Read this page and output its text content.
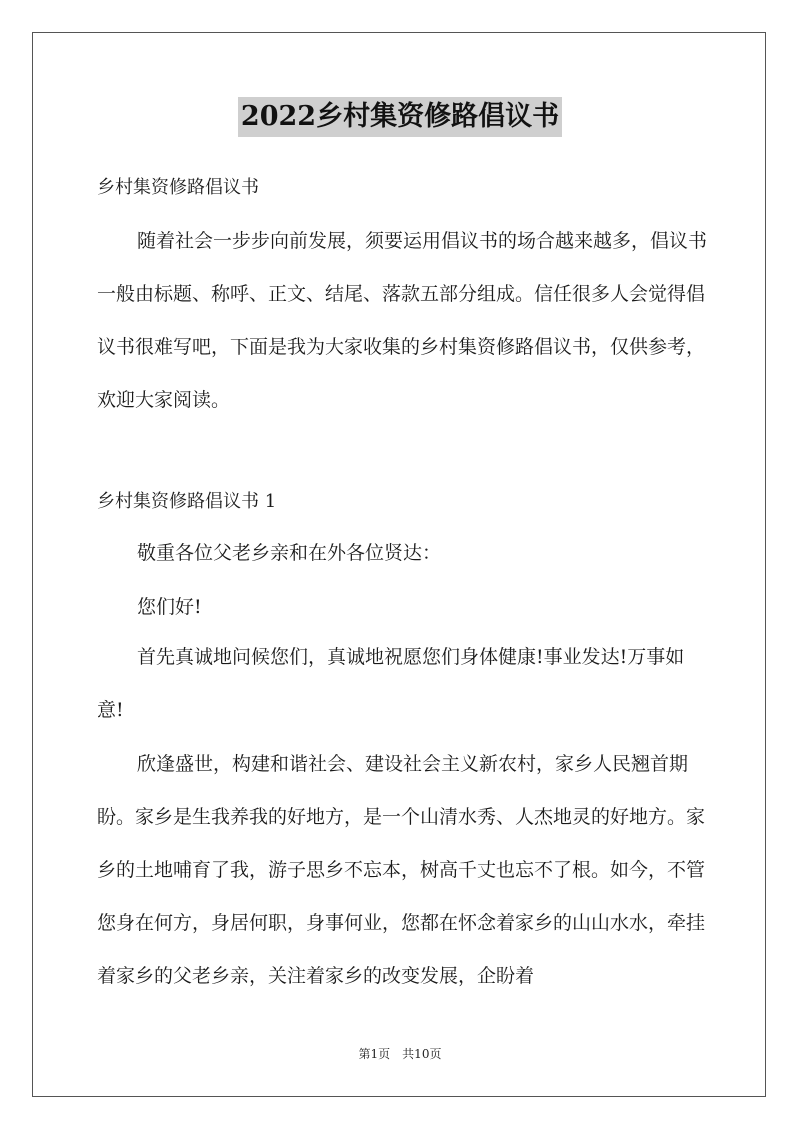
2022乡村集资修路倡议书

乡村集资修路倡议书

随着社会一步步向前发展，须要运用倡议书的场合越来越多，倡议书一般由标题、称呼、正文、结尾、落款五部分组成。信任很多人会觉得倡议书很难写吧，下面是我为大家收集的乡村集资修路倡议书，仅供参考，欢迎大家阅读。

乡村集资修路倡议书 1

敬重各位父老乡亲和在外各位贤达：

您们好!

首先真诚地问候您们，真诚地祝愿您们身体健康!事业发达!万事如意!

欣逢盛世，构建和谐社会、建设社会主义新农村，家乡人民翘首期盼。家乡是生我养我的好地方，是一个山清水秀、人杰地灵的好地方。家乡的土地哺育了我，游子思乡不忘本，树高千丈也忘不了根。如今，不管您身在何方，身居何职，身事何业，您都在怀念着家乡的山山水水，牵挂着家乡的父老乡亲，关注着家乡的改变发展，企盼着

第1页　共10页
